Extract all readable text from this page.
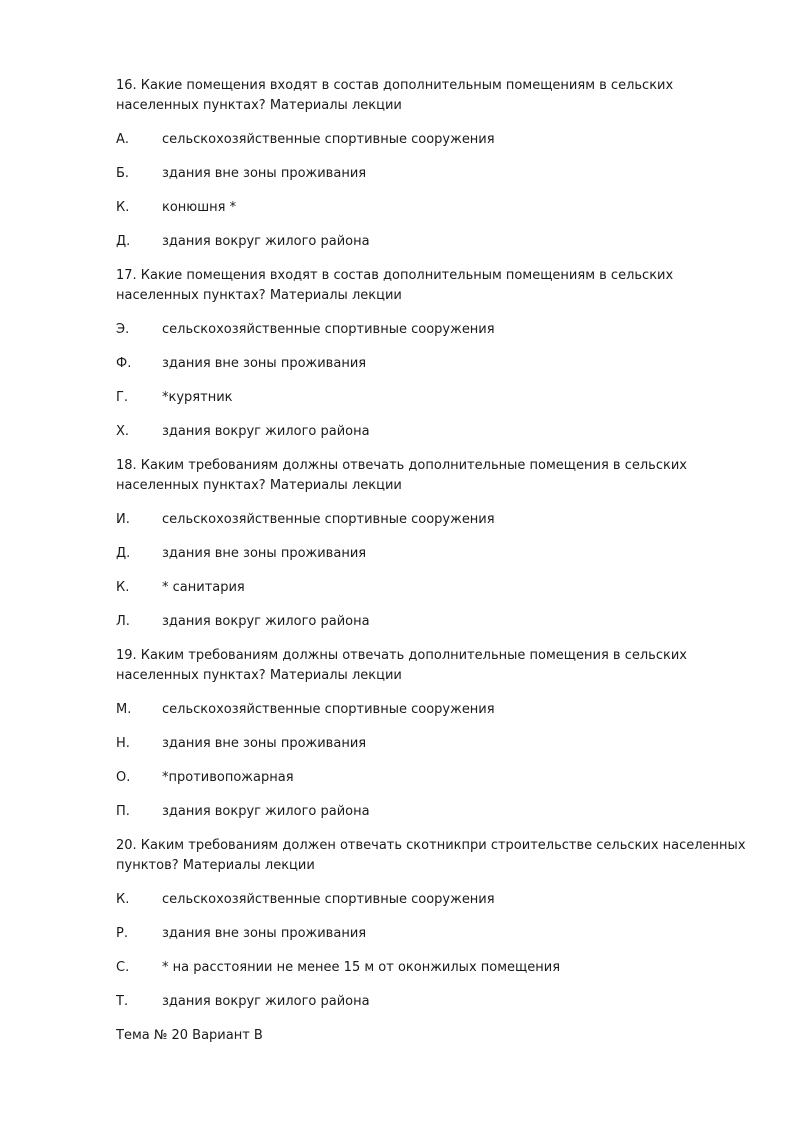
16. Какие помещения входят в состав дополнительным помещениям в сельских населенных пунктах? Материалы лекции
А.	сельскохозяйственные спортивные сооружения
Б.	здания вне зоны проживания
К.	конюшня *
Д. здания вокруг жилого района
17. Какие помещения входят в состав дополнительным помещениям в сельских населенных пунктах? Материалы лекции
Э.	сельскохозяйственные спортивные сооружения
Ф. здания вне зоны проживания
Г.	*курятник
Х.	здания вокруг жилого района
18. Каким требованиям должны отвечать дополнительные помещения в сельских населенных пунктах? Материалы лекции
И. сельскохозяйственные спортивные сооружения
Д. здания вне зоны проживания
К.	* санитария
Л. здания вокруг жилого района
19. Каким требованиям должны отвечать дополнительные помещения в сельских населенных пунктах? Материалы лекции
М. сельскохозяйственные спортивные сооружения
Н. здания вне зоны проживания
О. *противопожарная
П. здания вокруг жилого района
20. Каким требованиям должен отвечать скотникпри строительстве сельских населенных пунктов? Материалы лекции
К.	сельскохозяйственные спортивные сооружения
Р.	здания вне зоны проживания
С.	* на расстоянии не менее 15 м от оконжилых помещения
Т.	здания вокруг жилого района
Тема № 20 Вариант В
